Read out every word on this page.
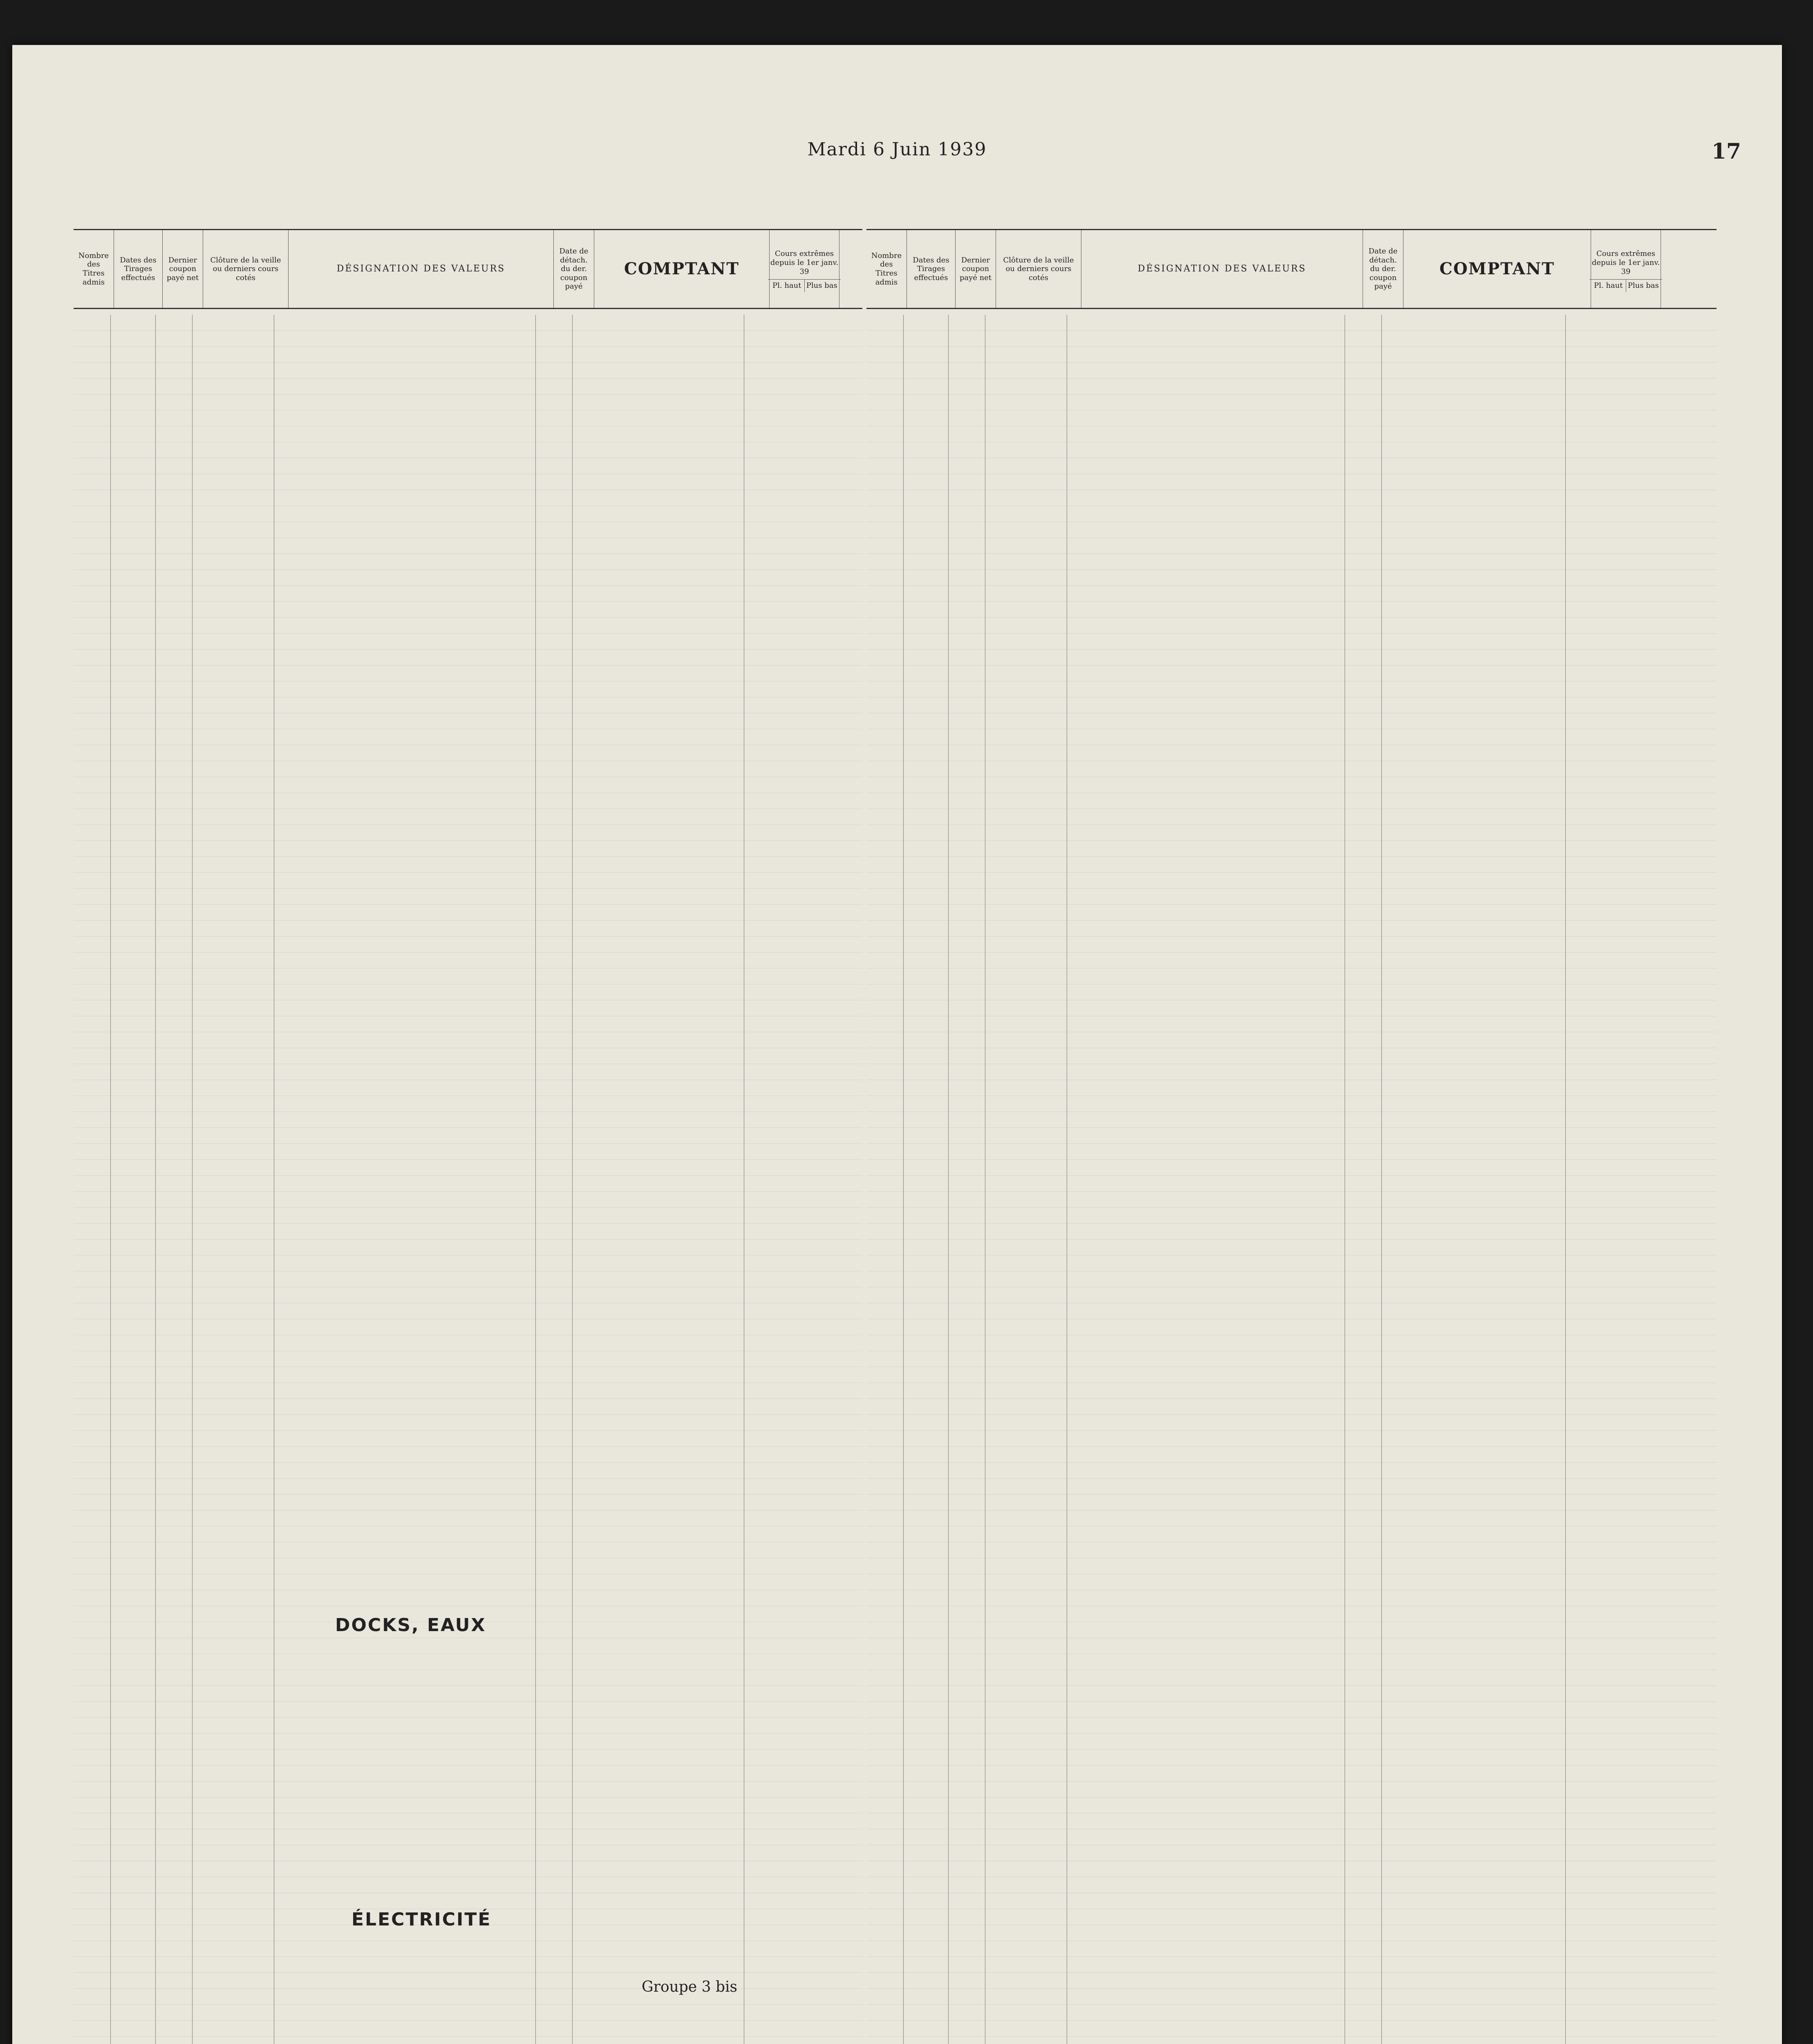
Mardi 6 Juin 1939	17
Nombre des Titres admis
Dates des Tirages effectués
Dernier coupon payé net
Clôture de la veille ou derniers cours cotés
DÉSIGNATION DES VALEURS
Date de détach. du der. coupon payé
COMPTANT
Cours extrêmes depuis le 1er janv. 39
Pl. haut Plus bas
Nombre des Titres admis
Dates des Tirages effectués
Dernier coupon payé net
Clôture de la veille ou derniers cours cotés
DÉSIGNATION DES VALEURS
Date de détach. du der. coupon payé
COMPTANT
Cours extrêmes depuis le 1er janv. 39
Pl. haut Plus bas
DOCKS, EAUX
ÉLECTRICITÉ
Groupe 3 bis
